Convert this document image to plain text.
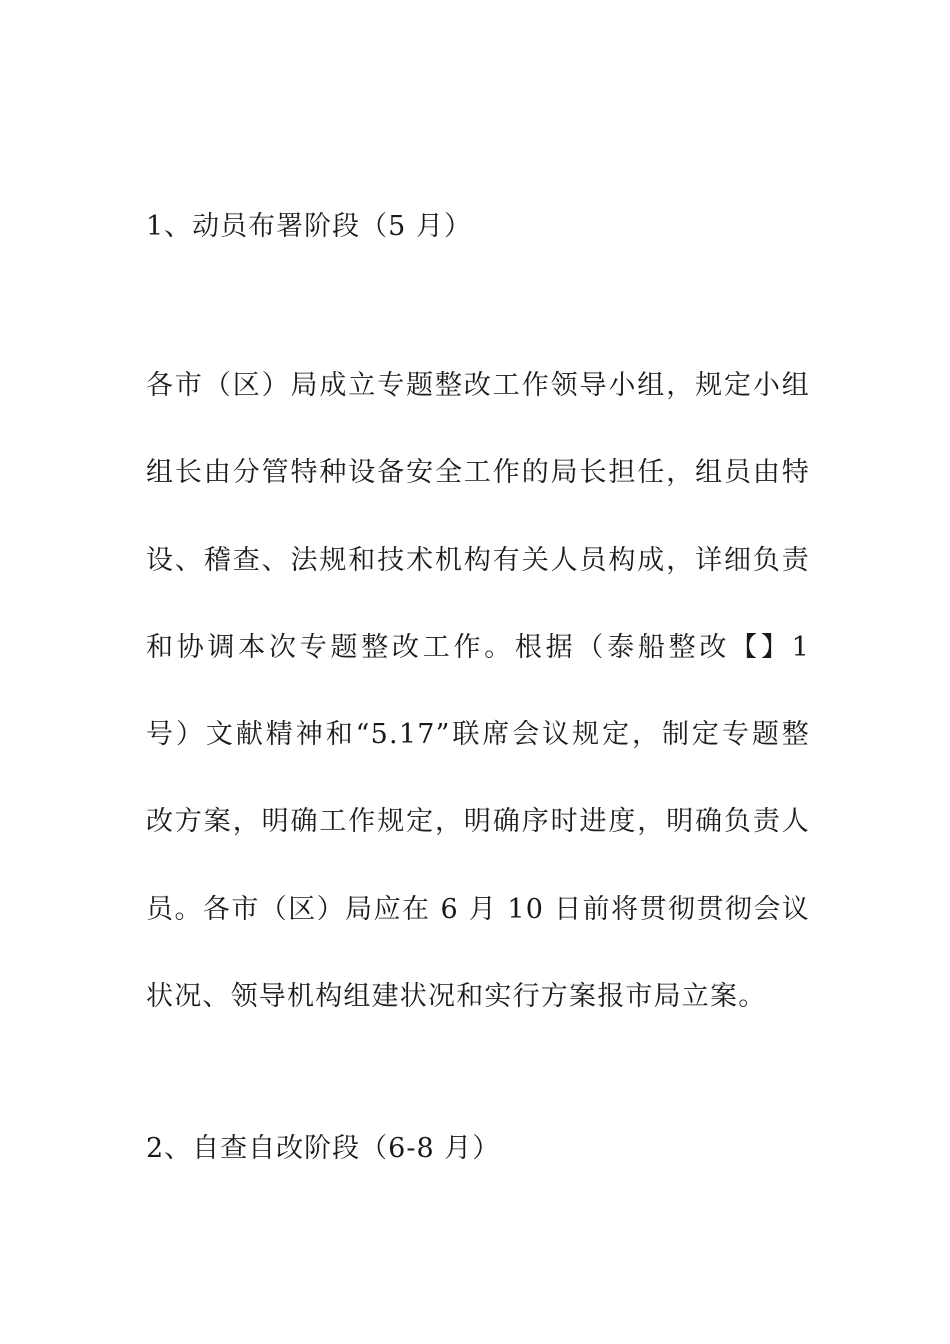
1、动员布署阶段（5 月）
各市（区）局成立专题整改工作领导小组，规定小组
组长由分管特种设备安全工作的局长担任，组员由特
设、稽查、法规和技术机构有关人员构成，详细负责
和协调本次专题整改工作。根据（泰船整改【】1
号）文献精神和“5.17”联席会议规定，制定专题整
改方案，明确工作规定，明确序时进度，明确负责人
员。各市（区）局应在 6 月 10 日前将贯彻贯彻会议
状况、领导机构组建状况和实行方案报市局立案。
2、自查自改阶段（6-8 月）
